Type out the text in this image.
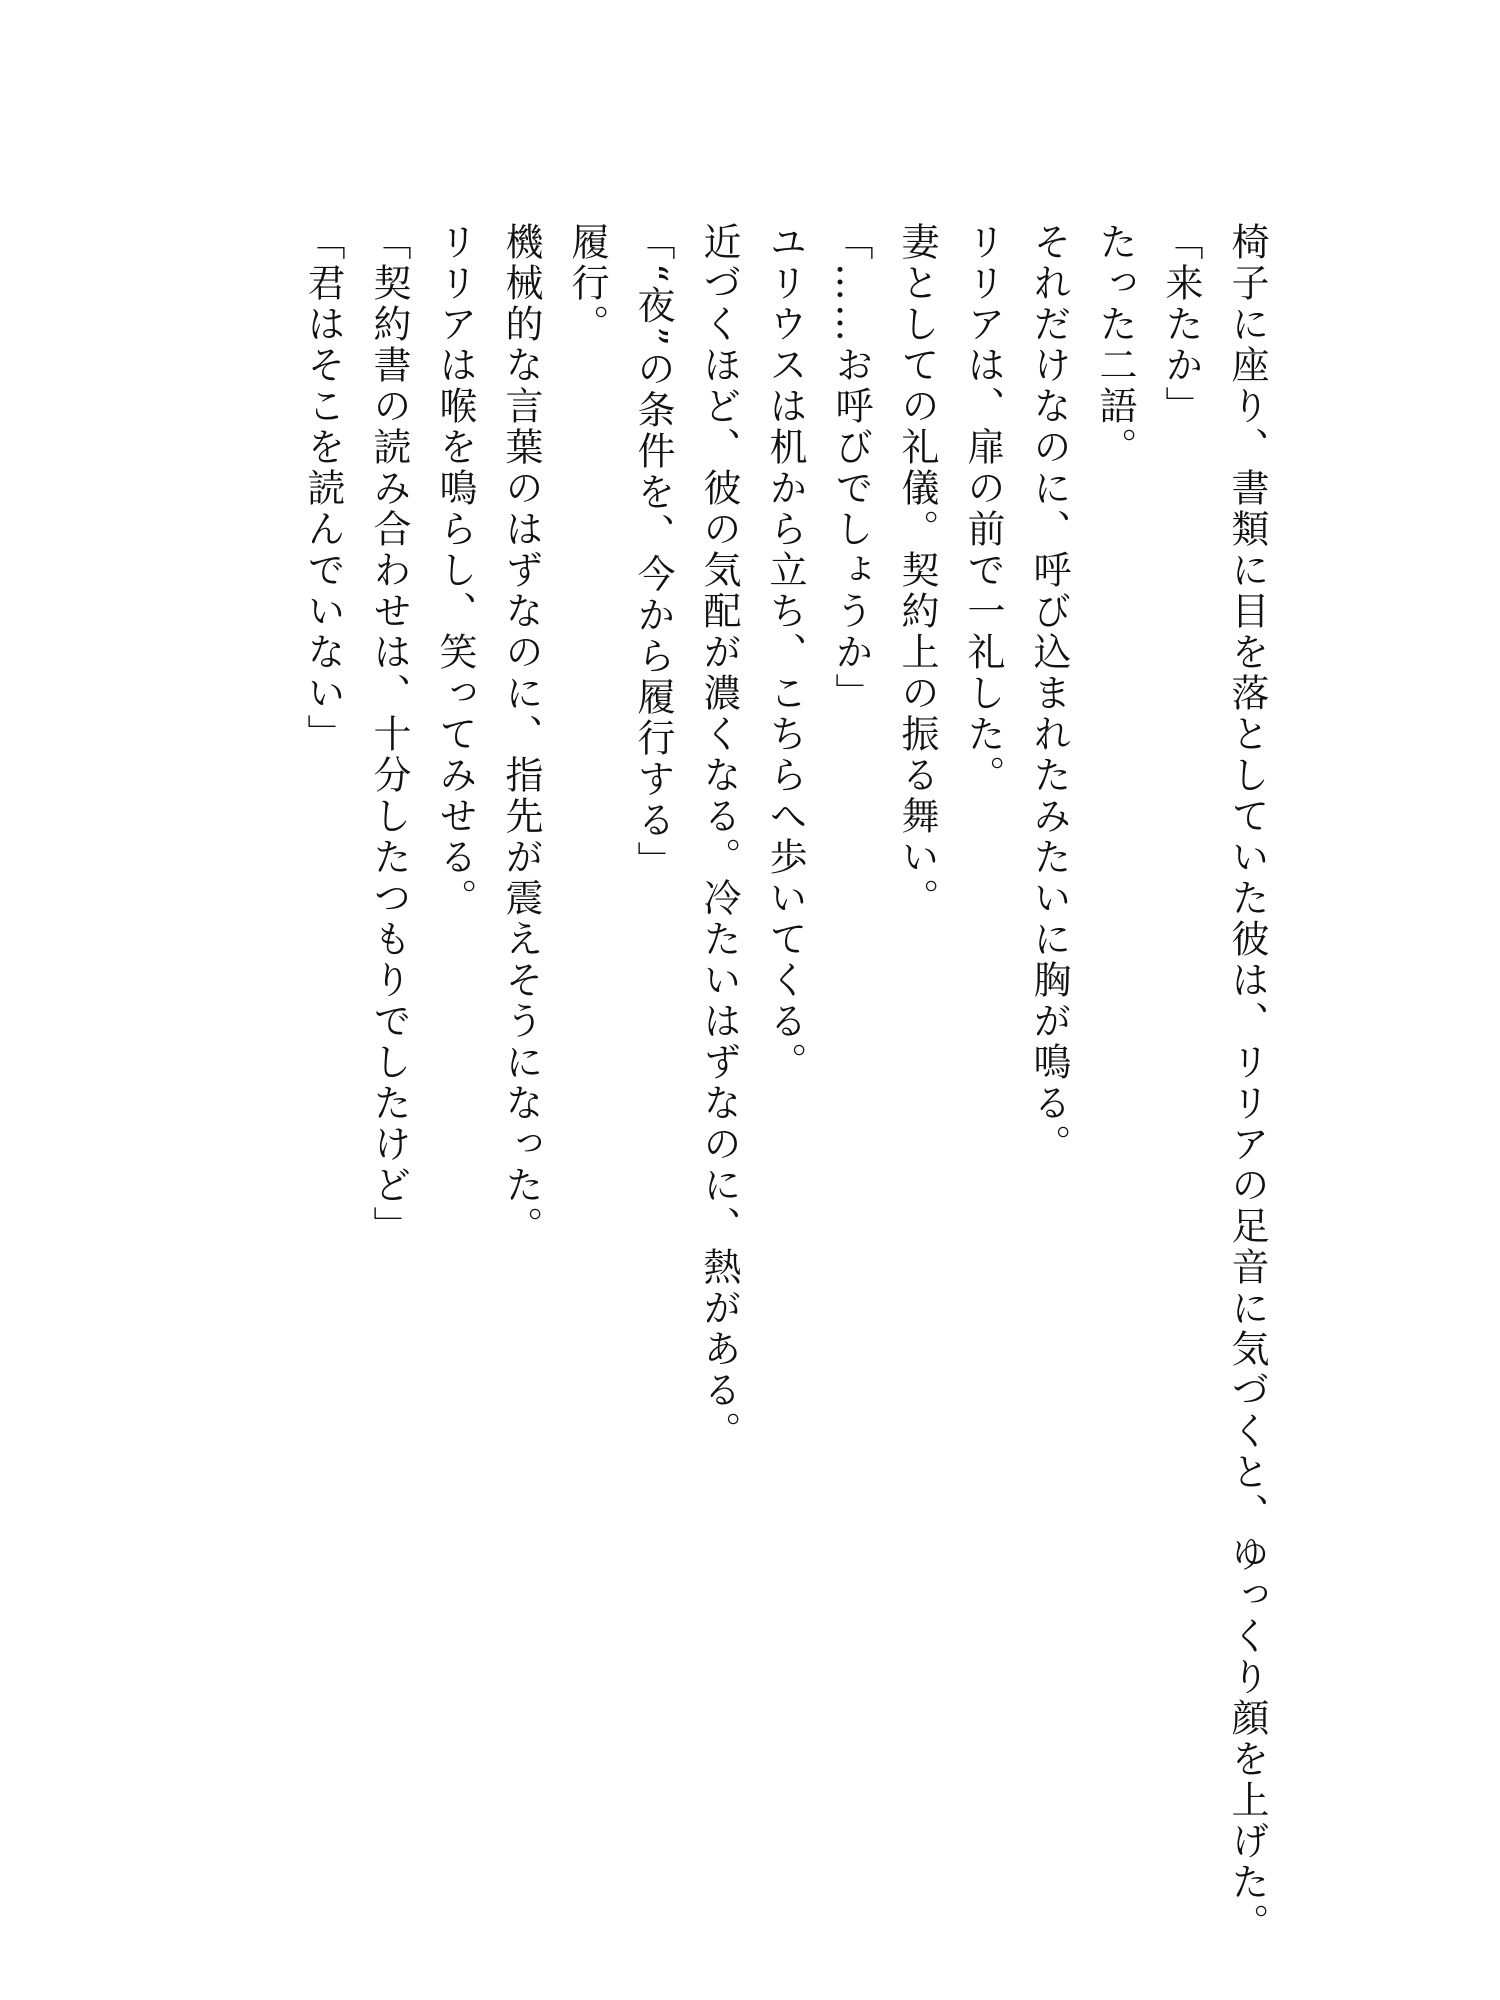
椅子に座り、書類に目を落としていた彼は、リリアの足音に気づくと、ゆっくり顔を上げた。

「来たか」

たった二語。

それだけなのに、呼び込まれたみたいに胸が鳴る。

リリアは、扉の前で一礼した。

妻としての礼儀。契約上の振る舞い。

「……お呼びでしょうか」

ユリウスは机から立ち、こちらへ歩いてくる。

近づくほど、彼の気配が濃くなる。冷たいはずなのに、熱がある。

「“夜”の条件を、今から履行する」

履行。

機械的な言葉のはずなのに、指先が震えそうになった。

リリアは喉を鳴らし、笑ってみせる。

「契約書の読み合わせは、十分したつもりでしたけど」

「君はそこを読んでいない」
